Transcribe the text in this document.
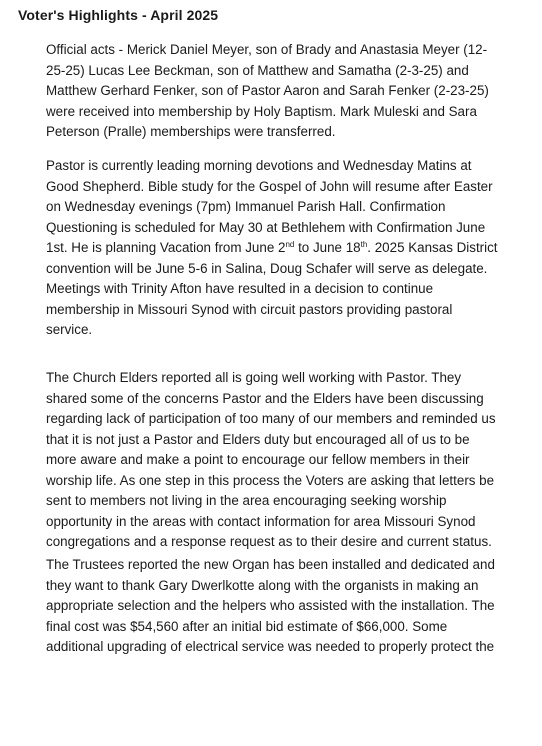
Voter's Highlights - April 2025
Official acts - Merick Daniel Meyer, son of Brady and Anastasia Meyer (12-
25-25) Lucas Lee Beckman, son of Matthew and Samatha (2-3-25) and
Matthew Gerhard Fenker, son of Pastor Aaron and Sarah Fenker (2-23-25)
were received into membership by Holy Baptism. Mark Muleski and Sara
Peterson (Pralle) memberships were transferred.
Pastor is currently leading morning devotions and Wednesday Matins at
Good Shepherd. Bible study for the Gospel of John will resume after Easter
on Wednesday evenings (7pm) Immanuel Parish Hall. Confirmation
Questioning is scheduled for May 30 at Bethlehem with Confirmation June
1st. He is planning Vacation from June 2nd to June 18th. 2025 Kansas District
convention will be June 5-6 in Salina, Doug Schafer will serve as delegate.
Meetings with Trinity Afton have resulted in a decision to continue
membership in Missouri Synod with circuit pastors providing pastoral
service.
The Church Elders reported all is going well working with Pastor. They
shared some of the concerns Pastor and the Elders have been discussing
regarding lack of participation of too many of our members and reminded us
that it is not just a Pastor and Elders duty but encouraged all of us to be
more aware and make a point to encourage our fellow members in their
worship life. As one step in this process the Voters are asking that letters be
sent to members not living in the area encouraging seeking worship
opportunity in the areas with contact information for area Missouri Synod
congregations and a response request as to their desire and current status.
The Trustees reported the new Organ has been installed and dedicated and
they want to thank Gary Dwerlkotte along with the organists in making an
appropriate selection and the helpers who assisted with the installation. The
final cost was $54,560 after an initial bid estimate of $66,000. Some
additional upgrading of electrical service was needed to properly protect the
